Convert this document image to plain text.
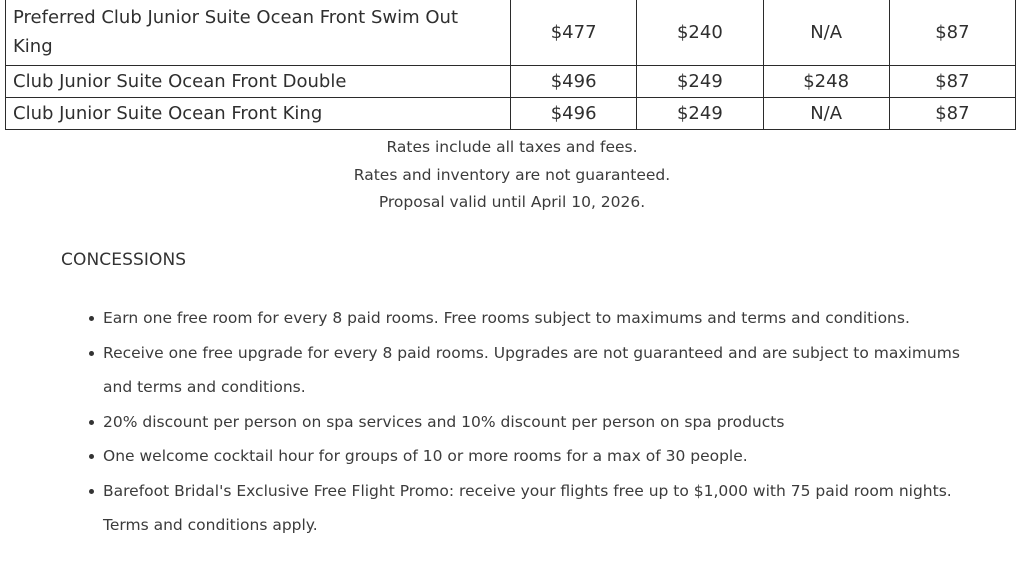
Preferred Club Junior Suite Ocean Front Swim Out King	$477	$240	N/A	$87
Club Junior Suite Ocean Front Double	$496	$249	$248	$87
Club Junior Suite Ocean Front King	$496	$249	N/A	$87
Rates include all taxes and fees.
Rates and inventory are not guaranteed.
Proposal valid until April 10, 2026.
CONCESSIONS
Earn one free room for every 8 paid rooms. Free rooms subject to maximums and terms and conditions.
Receive one free upgrade for every 8 paid rooms. Upgrades are not guaranteed and are subject to maximums and terms and conditions.
20% discount per person on spa services and 10% discount per person on spa products
One welcome cocktail hour for groups of 10 or more rooms for a max of 30 people.
Barefoot Bridal's Exclusive Free Flight Promo: receive your flights free up to $1,000 with 75 paid room nights. Terms and conditions apply.
